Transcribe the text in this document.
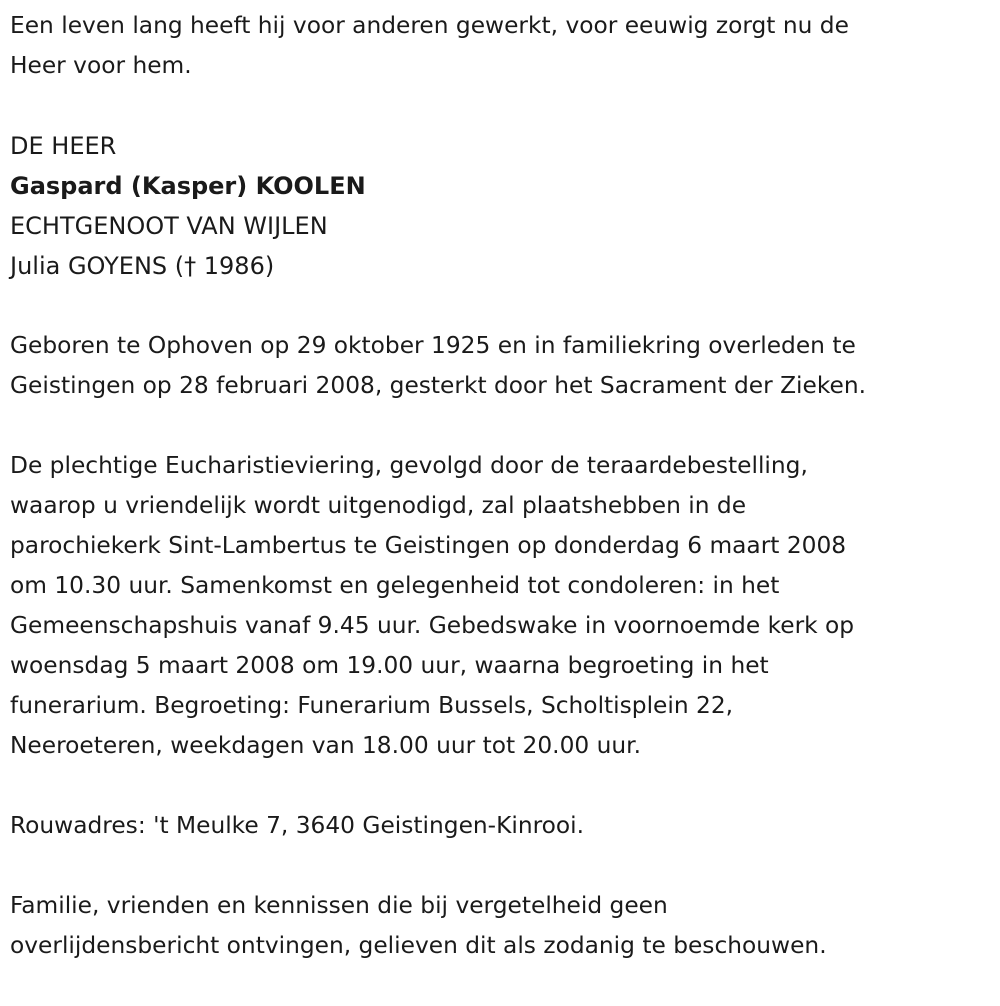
Een leven lang heeft hij voor anderen gewerkt, voor eeuwig zorgt nu de
Heer voor hem.
DE HEER
Gaspard (Kasper) KOOLEN
ECHTGENOOT VAN WIJLEN
Julia GOYENS († 1986)
Geboren te Ophoven op 29 oktober 1925 en in familiekring overleden te
Geistingen op 28 februari 2008, gesterkt door het Sacrament der Zieken.
De plechtige Eucharistieviering, gevolgd door de teraardebestelling,
waarop u vriendelijk wordt uitgenodigd, zal plaatshebben in de
parochiekerk Sint-Lambertus te Geistingen op donderdag 6 maart 2008
om 10.30 uur. Samenkomst en gelegenheid tot condoleren: in het
Gemeenschapshuis vanaf 9.45 uur. Gebedswake in voornoemde kerk op
woensdag 5 maart 2008 om 19.00 uur, waarna begroeting in het
funerarium. Begroeting: Funerarium Bussels, Scholtisplein 22,
Neeroeteren, weekdagen van 18.00 uur tot 20.00 uur.
Rouwadres: 't Meulke 7, 3640 Geistingen-Kinrooi.
Familie, vrienden en kennissen die bij vergetelheid geen
overlijdensbericht ontvingen, gelieven dit als zodanig te beschouwen.
